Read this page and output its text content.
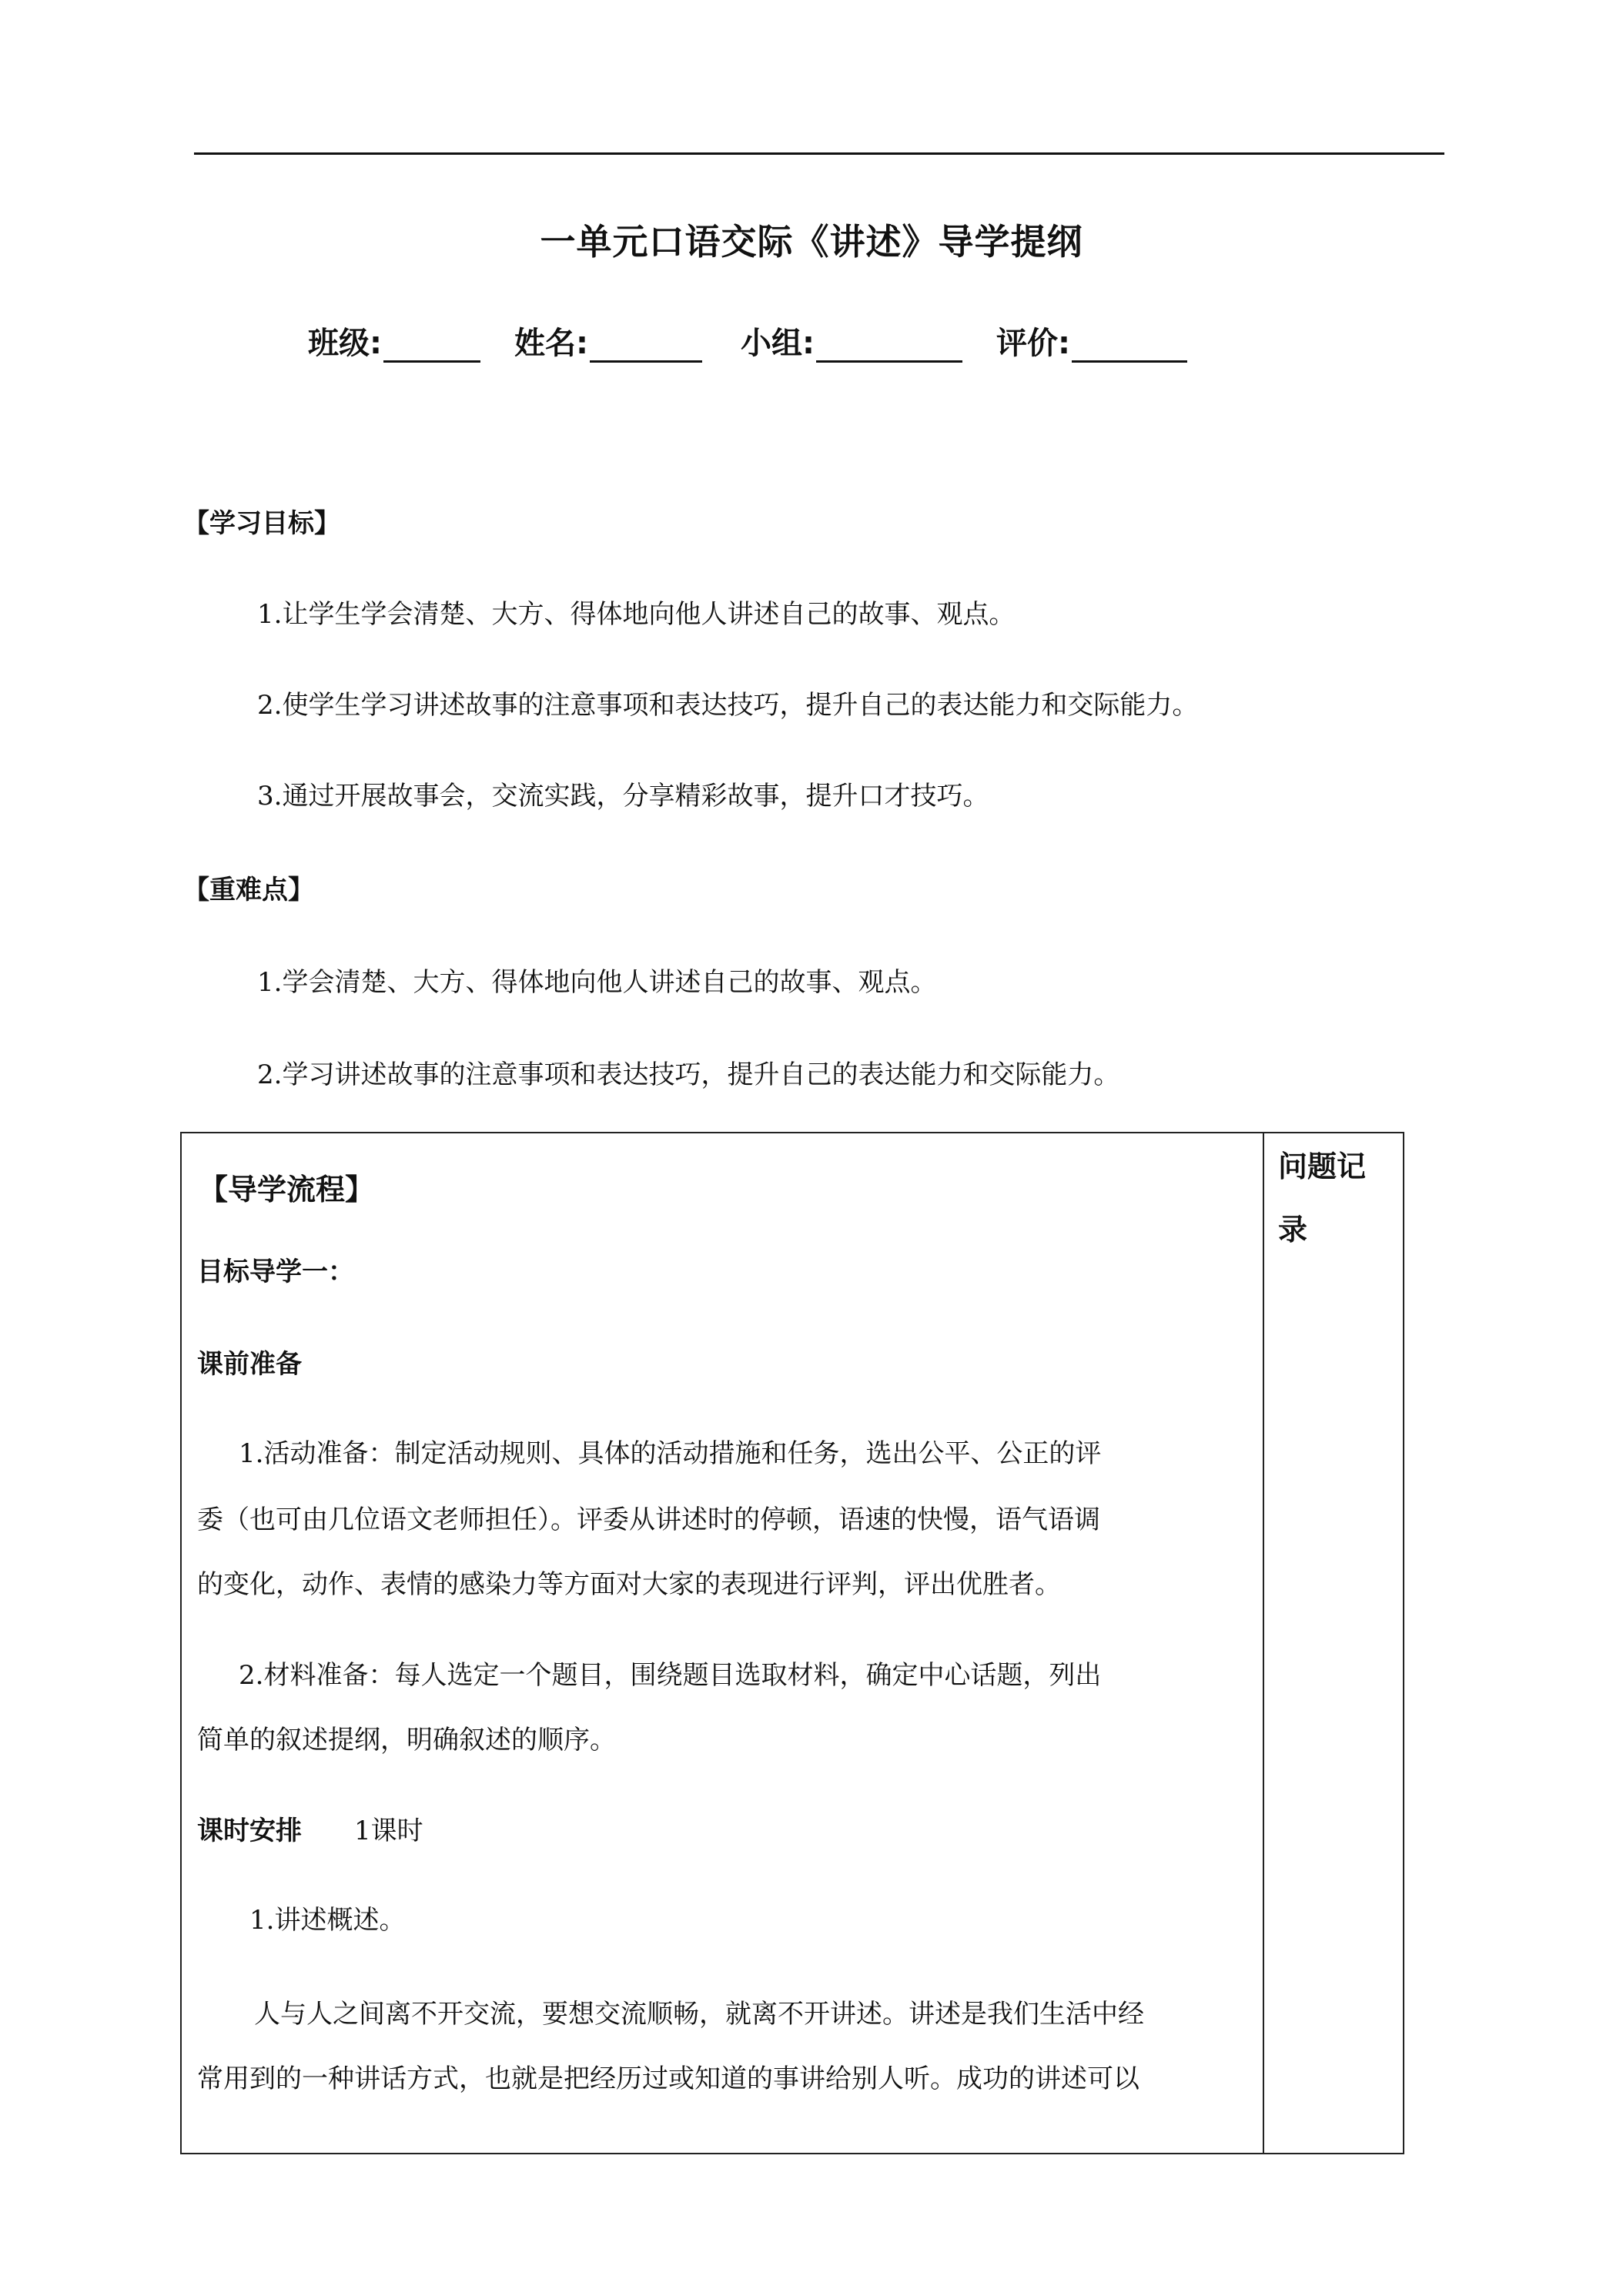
一单元口语交际《讲述》导学提纲
班级:	姓名:	小组:	评价:
【学习目标】
1.让学生学会清楚、大方、得体地向他人讲述自己的故事、观点。
2.使学生学习讲述故事的注意事项和表达技巧，提升自己的表达能力和交际能力。
3.通过开展故事会，交流实践，分享精彩故事，提升口才技巧。
【重难点】
1.学会清楚、大方、得体地向他人讲述自己的故事、观点。
2.学习讲述故事的注意事项和表达技巧，提升自己的表达能力和交际能力。
【导学流程】
问题记
录
目标导学一：
课前准备
1.活动准备：制定活动规则、具体的活动措施和任务，选出公平、公正的评
委（也可由几位语文老师担任）。评委从讲述时的停顿，语速的快慢，语气语调
的变化，动作、表情的感染力等方面对大家的表现进行评判，评出优胜者。
2.材料准备：每人选定一个题目，围绕题目选取材料，确定中心话题，列出
简单的叙述提纲，明确叙述的顺序。
课时安排 1课时
1.讲述概述。
人与人之间离不开交流，要想交流顺畅，就离不开讲述。讲述是我们生活中经
常用到的一种讲话方式，也就是把经历过或知道的事讲给别人听。成功的讲述可以
